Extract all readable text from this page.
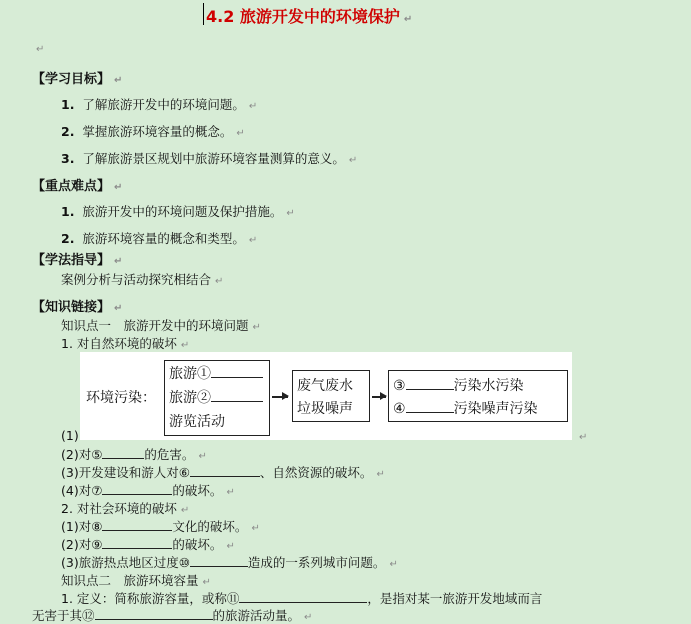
4.2 旅游开发中的环境保护 ↵
↵
【学习目标】 ↵
1. 了解旅游开发中的环境问题。 ↵
2. 掌握旅游环境容量的概念。 ↵
3. 了解旅游景区规划中旅游环境容量测算的意义。 ↵
【重点难点】 ↵
1. 旅游开发中的环境问题及保护措施。 ↵
2. 旅游环境容量的概念和类型。 ↵
【学法指导】 ↵
案例分析与活动探究相结合 ↵
【知识链接】 ↵
知识点一　旅游开发中的环境问题 ↵
1. 对自然环境的破坏 ↵
环境污染：
旅游①
旅游②
游览活动
废气废水
垃圾噪声
③	污染水污染
④	污染噪声污染
↵
(1)
(2)对⑤	的危害。 ↵
(3)开发建设和游人对⑥	、自然资源的破坏。 ↵
(4)对⑦	的破坏。 ↵
2. 对社会环境的破坏 ↵
(1)对⑧	文化的破坏。 ↵
(2)对⑨	的破坏。 ↵
(3)旅游热点地区过度⑩	造成的一系列城市问题。 ↵
知识点二　旅游环境容量 ↵
1. 定义：简称旅游容量，或称⑪	，是指对某一旅游开发地域而言
无害于其⑫	的旅游活动量。 ↵
